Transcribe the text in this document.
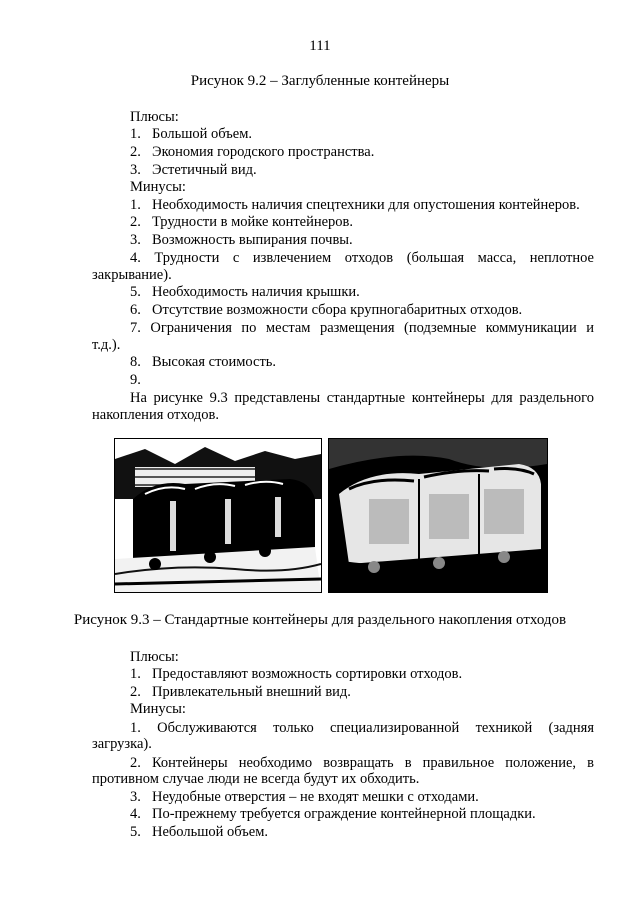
111
Рисунок 9.2 – Заглубленные контейнеры
Плюсы:
1. Большой объем.
2. Экономия городского пространства.
3. Эстетичный вид.
Минусы:
1. Необходимость наличия спецтехники для опустошения контейнеров.
2. Трудности в мойке контейнеров.
3. Возможность выпирания почвы.
4. Трудности с извлечением отходов (большая масса, неплотное
закрывание).
5. Необходимость наличия крышки.
6. Отсутствие возможности сбора крупногабаритных отходов.
7. Ограничения по местам размещения (подземные коммуникации и
т.д.).
8. Высокая стоимость.
9.
На рисунке 9.3 представлены стандартные контейнеры для раздельного
накопления отходов.
Рисунок 9.3 – Стандартные контейнеры для раздельного накопления отходов
Плюсы:
1. Предоставляют возможность сортировки отходов.
2. Привлекательный внешний вид.
Минусы:
1. Обслуживаются только специализированной техникой (задняя
загрузка).
2. Контейнеры необходимо возвращать в правильное положение, в
противном случае люди не всегда будут их обходить.
3. Неудобные отверстия – не входят мешки с отходами.
4. По-прежнему требуется ограждение контейнерной площадки.
5. Небольшой объем.
